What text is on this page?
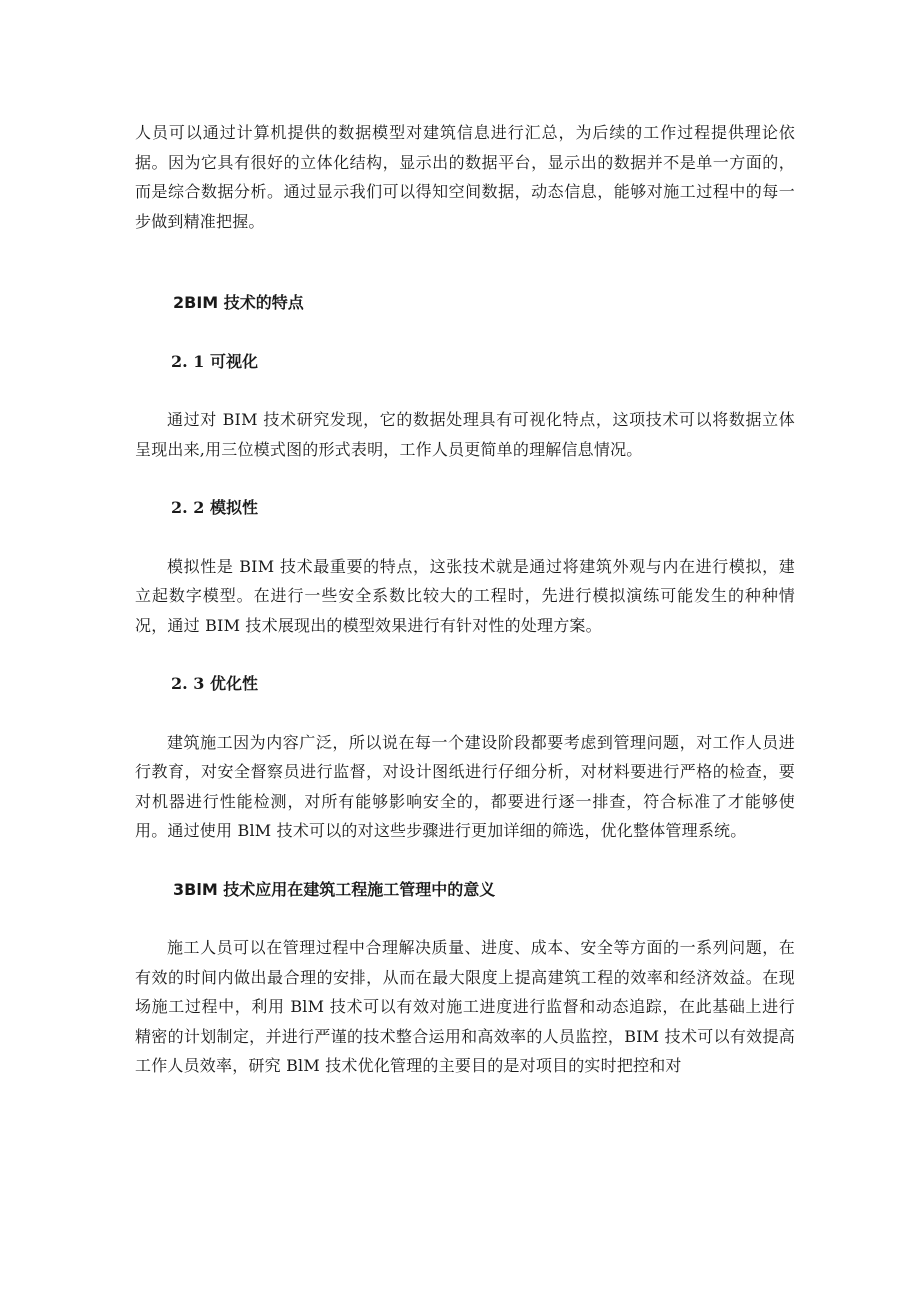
人员可以通过计算机提供的数据模型对建筑信息进行汇总，为后续的工作过程提供理论依据。因为它具有很好的立体化结构，显示出的数据平台，显示出的数据并不是单一方面的，而是综合数据分析。通过显示我们可以得知空间数据，动态信息，能够对施工过程中的每一步做到精准把握。

2BIM 技术的特点
2. 1 可视化

通过对 BIM 技术研究发现，它的数据处理具有可视化特点，这项技术可以将数据立体呈现出来,用三位模式图的形式表明，工作人员更简单的理解信息情况。

2. 2 模拟性

模拟性是 BIM 技术最重要的特点，这张技术就是通过将建筑外观与内在进行模拟，建立起数字模型。在进行一些安全系数比较大的工程时，先进行模拟演练可能发生的种种情况，通过 BIM 技术展现出的模型效果进行有针对性的处理方案。

2. 3 优化性

建筑施工因为内容广泛，所以说在每一个建设阶段都要考虑到管理问题，对工作人员进行教育，对安全督察员进行监督，对设计图纸进行仔细分析，对材料要进行严格的检查，要对机器进行性能检测，对所有能够影响安全的，都要进行逐一排查，符合标准了才能够使用。通过使用 BlM 技术可以的对这些步骤进行更加详细的筛选，优化整体管理系统。

3BlM 技术应用在建筑工程施工管理中的意义

施工人员可以在管理过程中合理解决质量、进度、成本、安全等方面的一系列问题，在有效的时间内做出最合理的安排，从而在最大限度上提高建筑工程的效率和经济效益。在现场施工过程中，利用 BlM 技术可以有效对施工进度进行监督和动态追踪，在此基础上进行精密的计划制定，并进行严谨的技术整合运用和高效率的人员监控，BIM 技术可以有效提高工作人员效率，研究 BlM 技术优化管理的主要目的是对项目的实时把控和对
